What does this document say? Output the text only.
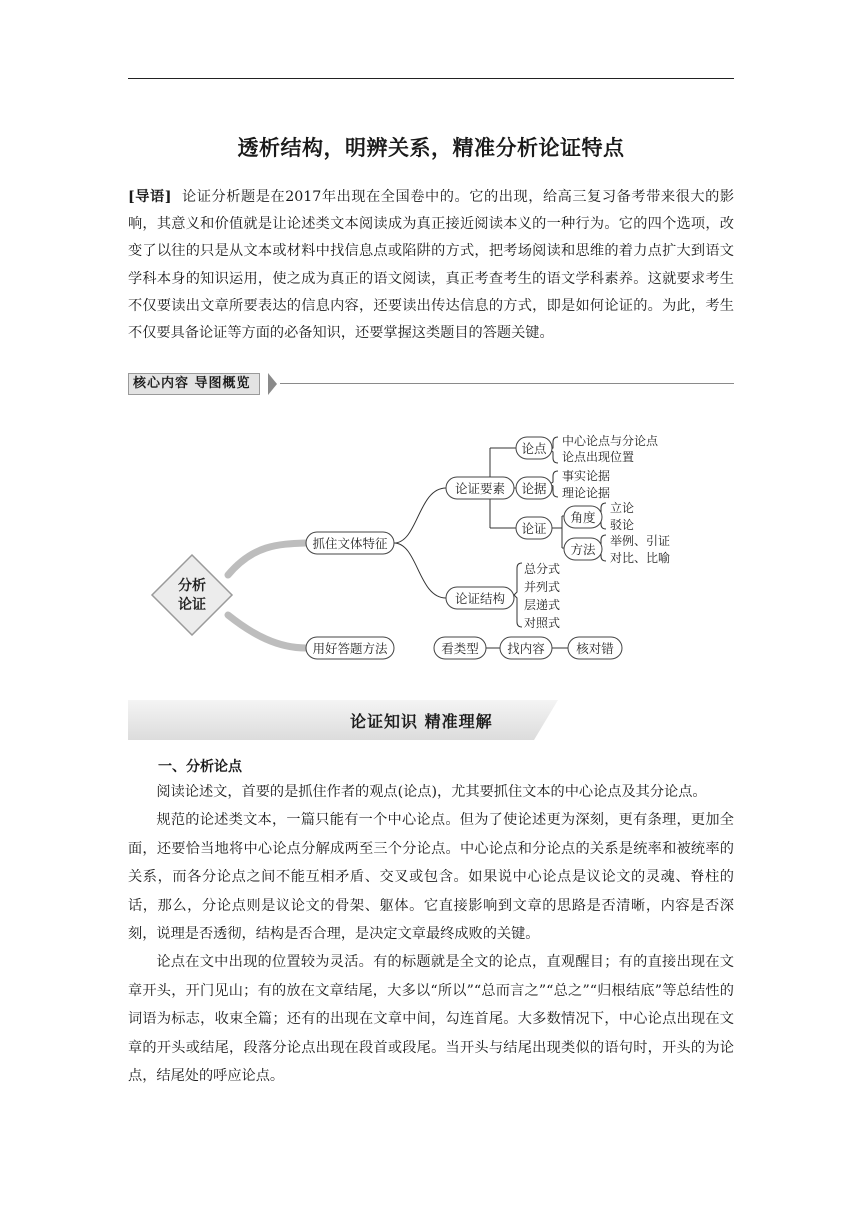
透析结构，明辨关系，精准分析论证特点

[导语] 论证分析题是在2017年出现在全国卷中的。它的出现，给高三复习备考带来很大的影响，其意义和价值就是让论述类文本阅读成为真正接近阅读本义的一种行为。它的四个选项，改变了以往的只是从文本或材料中找信息点或陷阱的方式，把考场阅读和思维的着力点扩大到语文学科本身的知识运用，使之成为真正的语文阅读，真正考查考生的语文学科素养。这就要求考生不仅要读出文章所要表达的信息内容，还要读出传达信息的方式，即是如何论证的。为此，考生不仅要具备论证等方面的必备知识，还要掌握这类题目的答题关键。

核心内容 导图概览
分析
论证
抓住文体特征
用好答题方法
论证要素
论证结构
论点
论据
论证
角度
方法
看类型 找内容	核对错
中心论点与分论点
论点出现位置
事实论据
理论论据
立论
驳论
举例、引证
对比、比喻
总分式
并列式
层递式
对照式
论证知识 精准理解
一、分析论点

阅读论述文，首要的是抓住作者的观点(论点)，尤其要抓住文本的中心论点及其分论点。

规范的论述类文本，一篇只能有一个中心论点。但为了使论述更为深刻，更有条理，更加全面，还要恰当地将中心论点分解成两至三个分论点。中心论点和分论点的关系是统率和被统率的关系，而各分论点之间不能互相矛盾、交叉或包含。如果说中心论点是议论文的灵魂、脊柱的话，那么，分论点则是议论文的骨架、躯体。它直接影响到文章的思路是否清晰，内容是否深刻，说理是否透彻，结构是否合理，是决定文章最终成败的关键。

论点在文中出现的位置较为灵活。有的标题就是全文的论点，直观醒目；有的直接出现在文章开头，开门见山；有的放在文章结尾，大多以“所以”“总而言之”“总之”“归根结底”等总结性的词语为标志，收束全篇；还有的出现在文章中间，勾连首尾。大多数情况下，中心论点出现在文章的开头或结尾，段落分论点出现在段首或段尾。当开头与结尾出现类似的语句时，开头的为论点，结尾处的呼应论点。
